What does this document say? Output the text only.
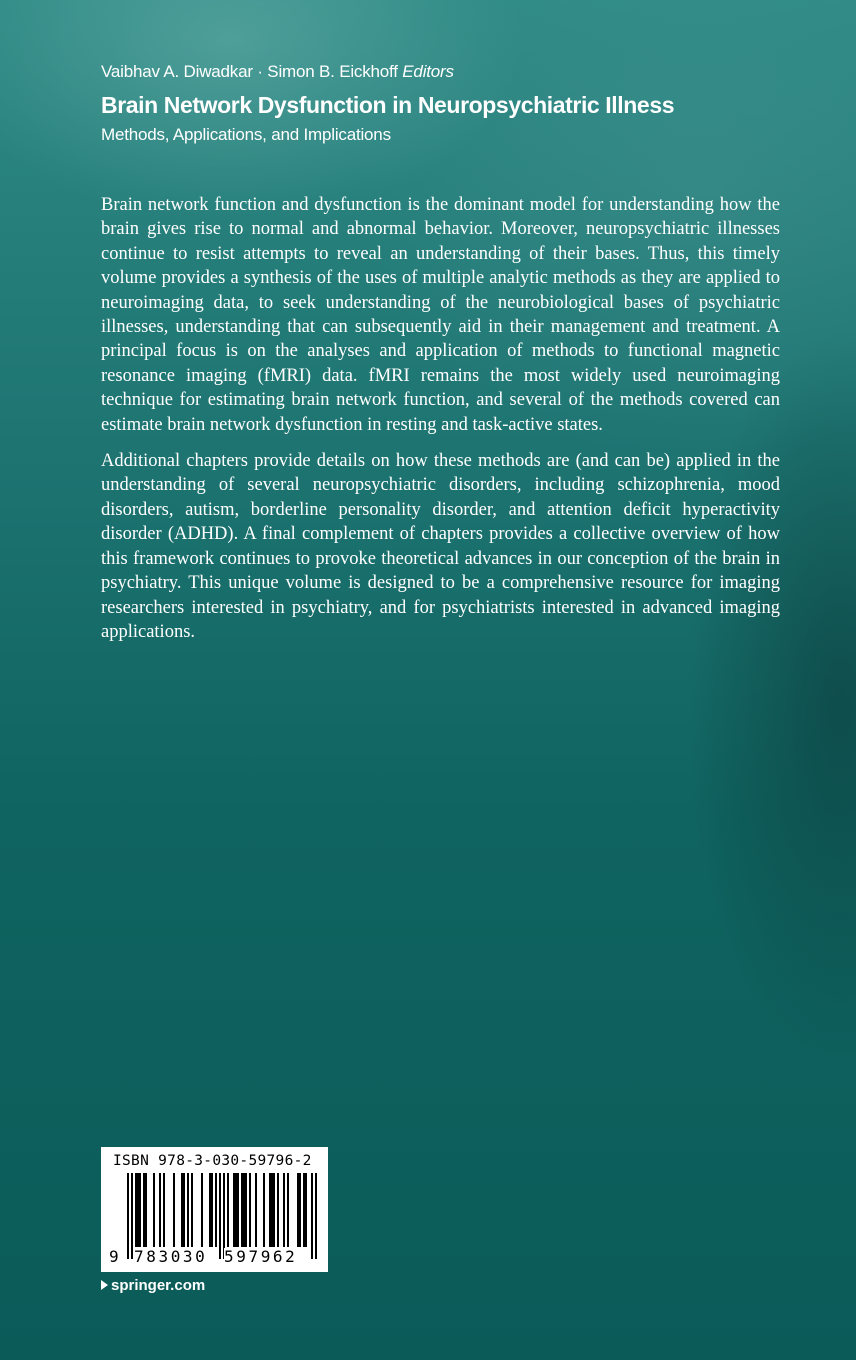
Vaibhav A. Diwadkar · Simon B. Eickhoff Editors
Brain Network Dysfunction in Neuropsychiatric Illness
Methods, Applications, and Implications

Brain network function and dysfunction is the dominant model for understanding how the brain gives rise to normal and abnormal behavior. Moreover, neuropsychiatric illnesses continue to resist attempts to reveal an understanding of their bases. Thus, this timely volume provides a synthesis of the uses of multiple analytic methods as they are applied to neuroimaging data, to seek understanding of the neurobiological bases of psychiatric illnesses, understanding that can subsequently aid in their management and treatment. A principal focus is on the analyses and application of methods to functional magnetic resonance imaging (fMRI) data. fMRI remains the most widely used neuroimaging technique for estimating brain network function, and several of the methods covered can estimate brain network dysfunction in resting and task-active states.

Additional chapters provide details on how these methods are (and can be) applied in the understanding of several neuropsychiatric disorders, including schizophrenia, mood disorders, autism, borderline personality disorder, and attention deficit hyperactivity disorder (ADHD). A final complement of chapters provides a collective overview of how this framework continues to provoke theoretical advances in our conception of the brain in psychiatry. This unique volume is designed to be a comprehensive resource for imaging researchers interested in psychiatry, and for psychiatrists interested in advanced imaging applications.

ISBN 978-3-030-59796-2
9 783030 597962
springer.com
